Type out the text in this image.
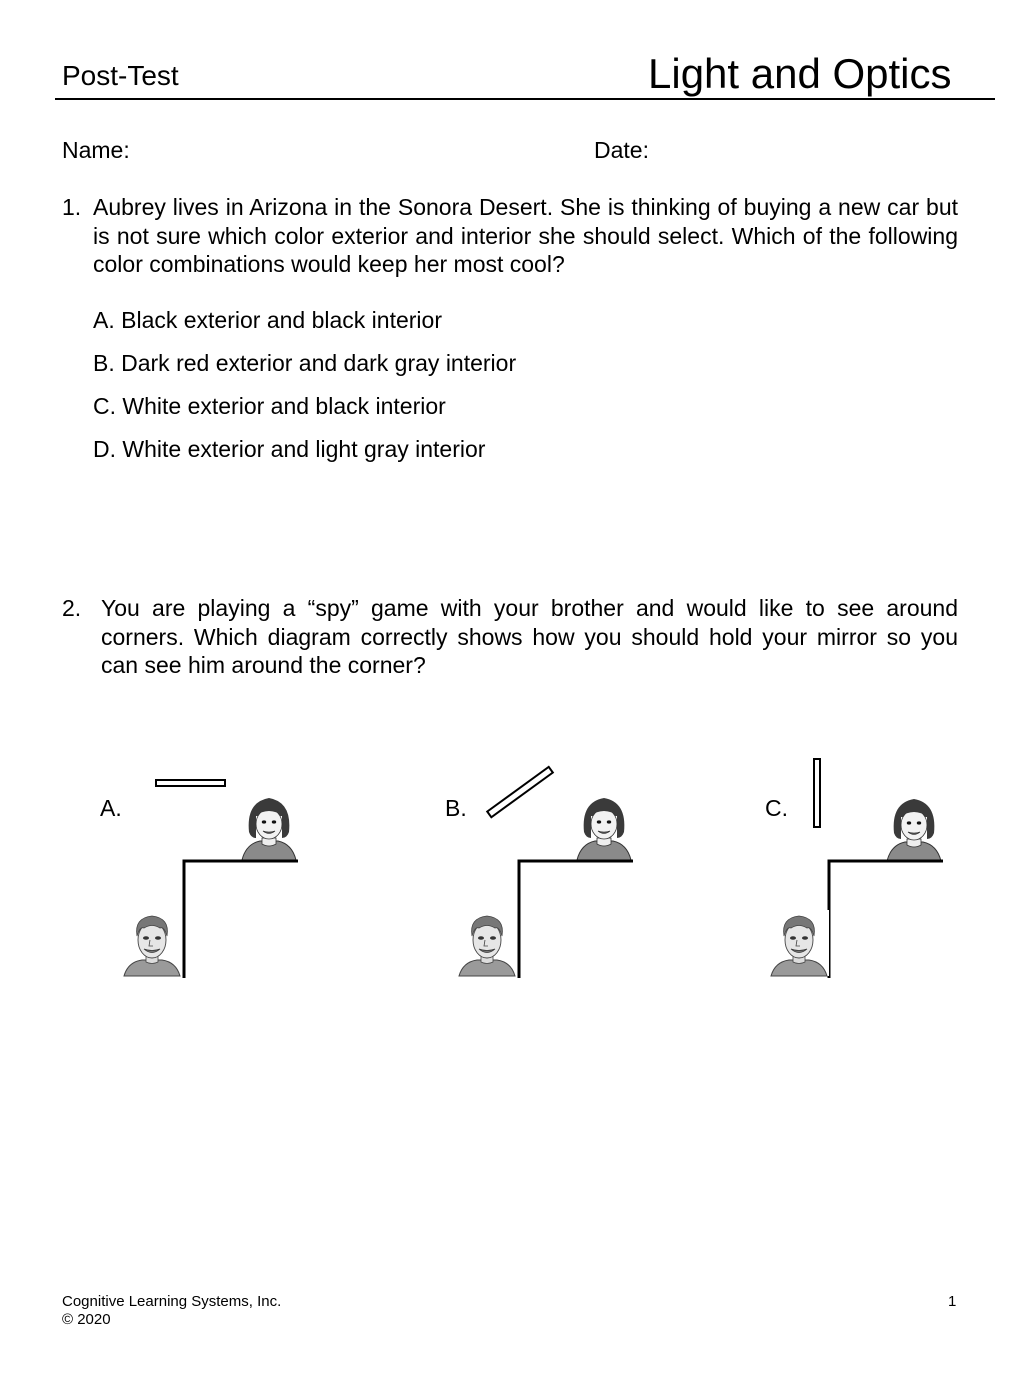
Post-Test	Light and Optics
Name:	Date:
1. Aubrey lives in Arizona in the Sonora Desert. She is thinking of buying a new car but is not sure which color exterior and interior she should select. Which of the following color combinations would keep her most cool?
A. Black exterior and black interior
B. Dark red exterior and dark gray interior
C. White exterior and black interior
D. White exterior and light gray interior
2. You are playing a “spy” game with your brother and would like to see around corners. Which diagram correctly shows how you should hold your mirror so you can see him around the corner?
A.	B.	C.
Cognitive Learning Systems, Inc.
© 2020
1
